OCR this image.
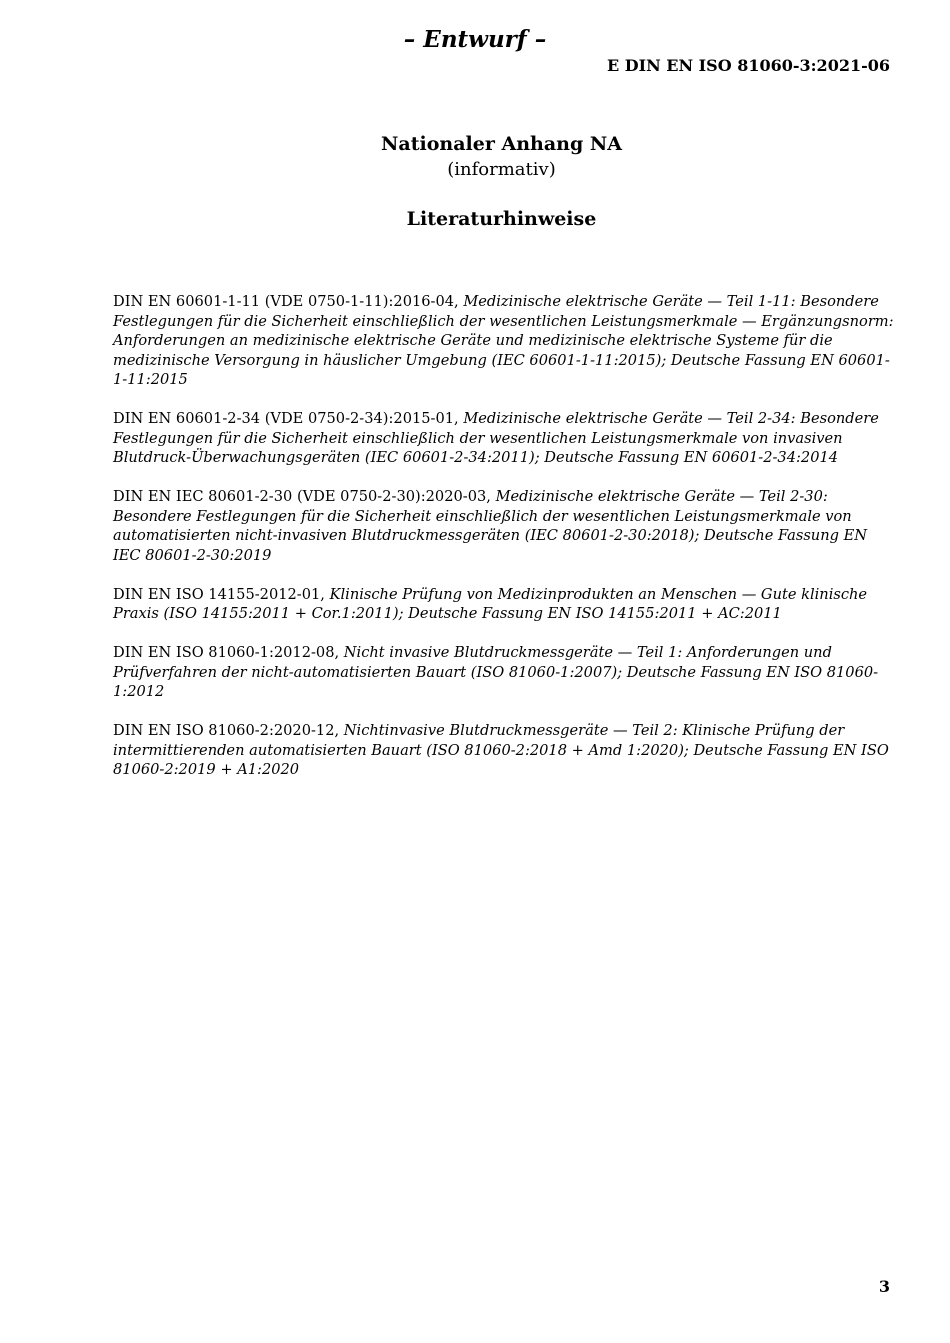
– Entwurf –
E DIN EN ISO 81060-3:2021-06
Nationaler Anhang NA
(informativ)
Literaturhinweise

DIN EN 60601-1-11 (VDE 0750-1-11):2016-04, Medizinische elektrische Geräte — Teil 1-11: Besondere Festlegungen für die Sicherheit einschließlich der wesentlichen Leistungsmerkmale — Ergänzungsnorm: Anforderungen an medizinische elektrische Geräte und medizinische elektrische Systeme für die medizinische Versorgung in häuslicher Umgebung (IEC 60601-1-11:2015); Deutsche Fassung EN 60601-1-11:2015

DIN EN 60601-2-34 (VDE 0750-2-34):2015-01, Medizinische elektrische Geräte — Teil 2-34: Besondere Festlegungen für die Sicherheit einschließlich der wesentlichen Leistungsmerkmale von invasiven Blutdruck-Überwachungsgeräten (IEC 60601-2-34:2011); Deutsche Fassung EN 60601-2-34:2014

DIN EN IEC 80601-2-30 (VDE 0750-2-30):2020-03, Medizinische elektrische Geräte — Teil 2-30: Besondere Festlegungen für die Sicherheit einschließlich der wesentlichen Leistungsmerkmale von automatisierten nicht-invasiven Blutdruckmessgeräten (IEC 80601-2-30:2018); Deutsche Fassung EN IEC 80601-2-30:2019

DIN EN ISO 14155-2012-01, Klinische Prüfung von Medizinprodukten an Menschen — Gute klinische Praxis (ISO 14155:2011 + Cor.1:2011); Deutsche Fassung EN ISO 14155:2011 + AC:2011

DIN EN ISO 81060-1:2012-08, Nicht invasive Blutdruckmessgeräte — Teil 1: Anforderungen und Prüfverfahren der nicht-automatisierten Bauart (ISO 81060-1:2007); Deutsche Fassung EN ISO 81060-1:2012

DIN EN ISO 81060-2:2020-12, Nichtinvasive Blutdruckmessgeräte — Teil 2: Klinische Prüfung der intermittierenden automatisierten Bauart (ISO 81060-2:2018 + Amd 1:2020); Deutsche Fassung EN ISO 81060-2:2019 + A1:2020

3
